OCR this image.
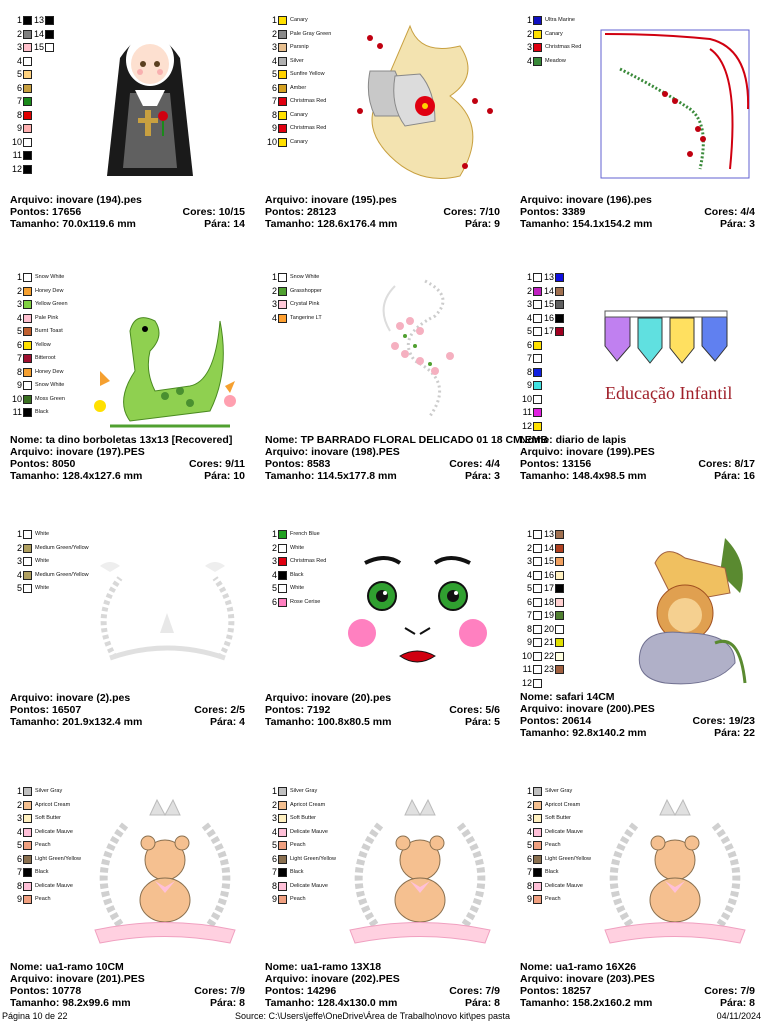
1 13
2 14
3 15
4
5
6
7
8
9
10
11
12
Arquivo: inovare (194).pes
Pontos: 17656	Cores: 10/15
Tamanho: 70.0x119.6 mm	Pára: 14
1 Canary
2 Pale Gray Green
3 Parsnip
4 Silver
5 Sunfire Yellow
6 Amber
7 Christmas Red
8 Canary
9 Christmas Red
10 Canary
Arquivo: inovare (195).pes
Pontos: 28123	Cores: 7/10
Tamanho: 128.6x176.4 mm	Pára: 9
1 Ultra Marine
2 Canary
3 Christmas Red
4 Meadow
Arquivo: inovare (196).pes
Pontos: 3389	Cores: 4/4
Tamanho: 154.1x154.2 mm	Pára: 3
1 Snow White
2 Honey Dew
3 Yellow Green
4 Pale Pink
5 Burnt Toast
6 Yellow
7 Bitteroot
8 Honey Dew
9 Snow White
10 Moss Green
11 Black
Nome: ta dino borboletas 13x13 [Recovered]
Arquivo: inovare (197).PES
Pontos: 8050	Cores: 9/11
Tamanho: 128.4x127.6 mm	Pára: 10
1 Snow White
2 Grasshopper
3 Crystal Pink
4 Tangerine LT
Nome: TP BARRADO FLORAL DELICADO 01 18 CM.EMB
Arquivo: inovare (198).PES
Pontos: 8583	Cores: 4/4
Tamanho: 114.5x177.8 mm	Pára: 3
1 13
2 14
3 15
4 16
5 17
6
7
8
9
10
11
12
Educação Infantil
Nome: diario de lapis
Arquivo: inovare (199).PES
Pontos: 13156	Cores: 8/17
Tamanho: 148.4x98.5 mm	Pára: 16
1 White
2 Medium Green/Yellow
3 White
4 Medium Green/Yellow
5 White
Arquivo: inovare (2).pes
Pontos: 16507	Cores: 2/5
Tamanho: 201.9x132.4 mm	Pára: 4
1 French Blue
2 White
3 Christmas Red
4 Black
5 White
6 Rose Cerise
Arquivo: inovare (20).pes
Pontos: 7192	Cores: 5/6
Tamanho: 100.8x80.5 mm	Pára: 5
1 13
2 14
3 15
4 16
5 17
6 18
7 19
8 20
9 21
10 22
11 23
12
Nome: safari 14CM
Arquivo: inovare (200).PES
Pontos: 20614	Cores: 19/23
Tamanho: 92.8x140.2 mm	Pára: 22
1 Silver Gray
2 Apricot Cream
3 Soft Butter
4 Delicate Mauve
5 Peach
6 Light Green/Yellow
7 Black
8 Delicate Mauve
9 Peach
Nome: ua1-ramo 10CM
Arquivo: inovare (201).PES
Pontos: 10778	Cores: 7/9
Tamanho: 98.2x99.6 mm	Pára: 8
1 Silver Gray
2 Apricot Cream
3 Soft Butter
4 Delicate Mauve
5 Peach
6 Light Green/Yellow
7 Black
8 Delicate Mauve
9 Peach
Nome: ua1-ramo 13X18
Arquivo: inovare (202).PES
Pontos: 14296	Cores: 7/9
Tamanho: 128.4x130.0 mm	Pára: 8
1 Silver Gray
2 Apricot Cream
3 Soft Butter
4 Delicate Mauve
5 Peach
6 Light Green/Yellow
7 Black
8 Delicate Mauve
9 Peach
Nome: ua1-ramo 16X26
Arquivo: inovare (203).PES
Pontos: 18257	Cores: 7/9
Tamanho: 158.2x160.2 mm	Pára: 8
Página 10 de 22	Source: C:\Users\jeffe\OneDrive\Área de Trabalho\novo kit\pes pasta	04/11/2024
